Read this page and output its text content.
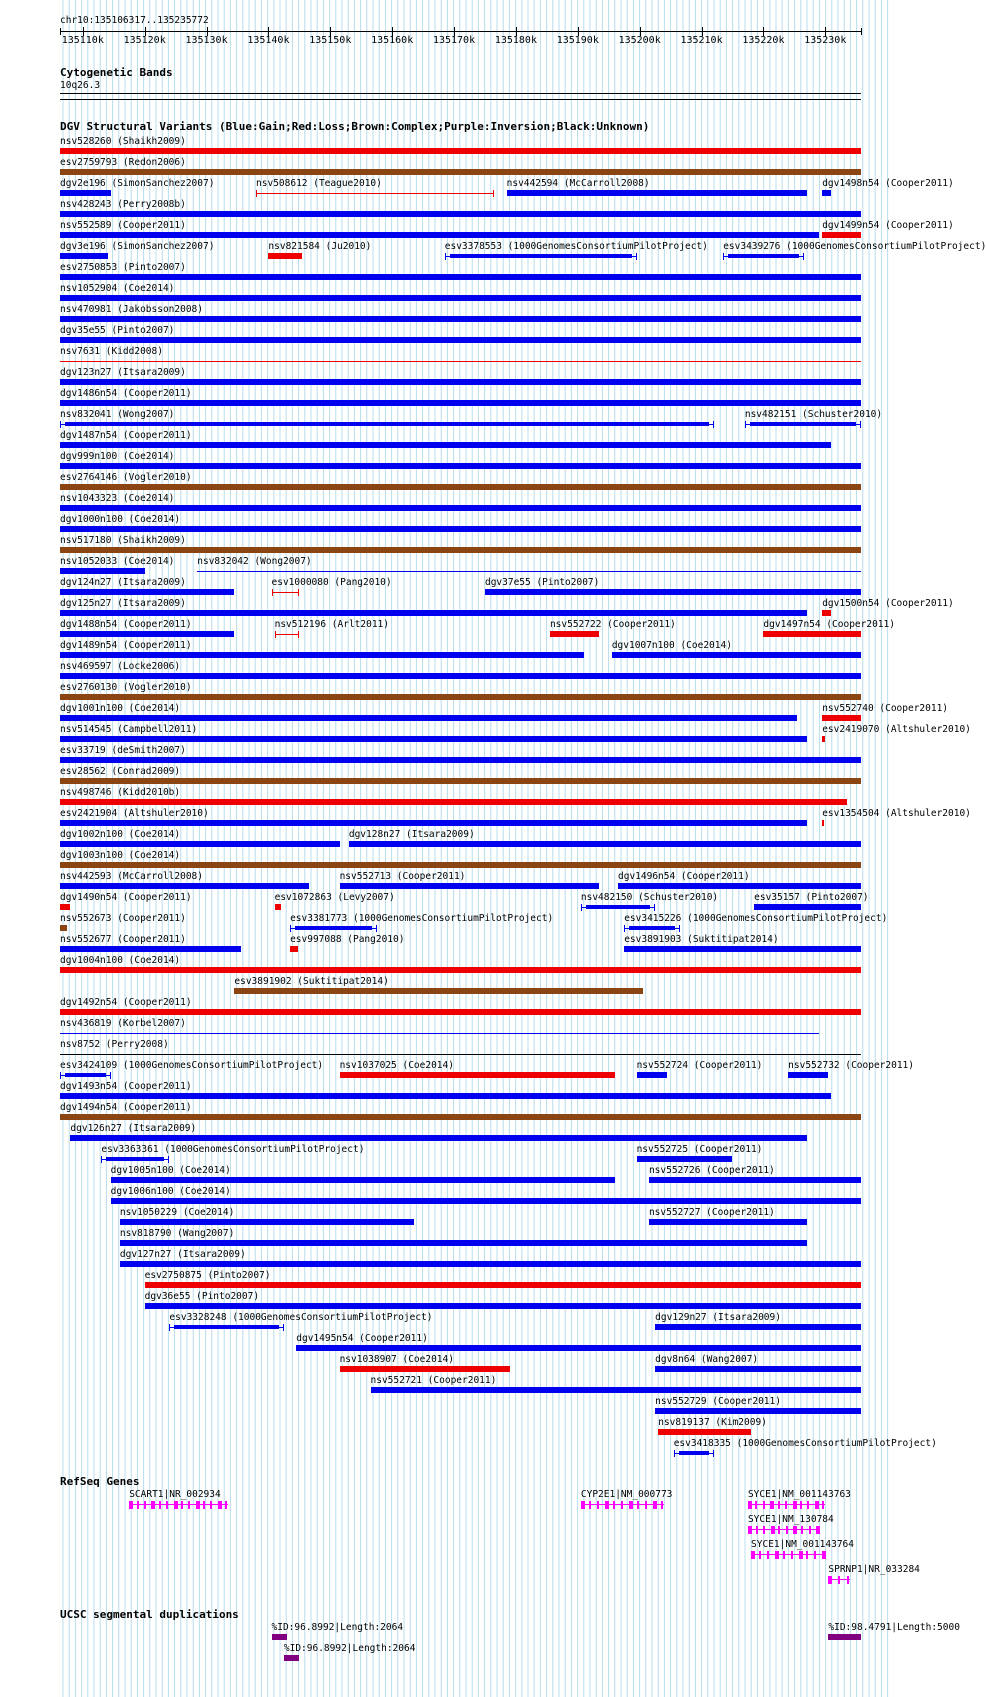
chr10:135106317..135235772
135110k 135120k 135130k 135140k 135150k 135160k 135170k 135180k 135190k 135200k 135210k 135220k 135230k
Cytogenetic Bands
10q26.3
DGV Structural Variants (Blue:Gain;Red:Loss;Brown:Complex;Purple:Inversion;Black:Unknown)
nsv528260 (Shaikh2009)
esv2759793 (Redon2006)
dgv2e196 (SimonSanchez2007)	nsv508612 (Teague2010)	nsv442594 (McCarroll2008)	dgv1498n54 (Cooper2011)
nsv428243 (Perry2008b)
nsv552589 (Cooper2011)	dgv1499n54 (Cooper2011)
dgv3e196 (SimonSanchez2007)	nsv821584 (Ju2010)	esv3378553 (1000GenomesConsortiumPilotProject) esv3439276 (1000GenomesConsortiumPilotProject)
esv2750853 (Pinto2007)
nsv1052904 (Coe2014)
nsv470981 (Jakobsson2008)
dgv35e55 (Pinto2007)
nsv7631 (Kidd2008)
dgv123n27 (Itsara2009)
dgv1486n54 (Cooper2011)
nsv832041 (Wong2007)	nsv482151 (Schuster2010)
dgv1487n54 (Cooper2011)
dgv999n100 (Coe2014)
esv2764146 (Vogler2010)
nsv1043323 (Coe2014)
dgv1000n100 (Coe2014)
nsv517180 (Shaikh2009)
nsv1052033 (Coe2014) nsv832042 (Wong2007)
dgv124n27 (Itsara2009)	esv1000080 (Pang2010)	dgv37e55 (Pinto2007)
dgv125n27 (Itsara2009)	dgv1500n54 (Cooper2011)
dgv1488n54 (Cooper2011)	nsv512196 (Arlt2011)	nsv552722 (Cooper2011)	dgv1497n54 (Cooper2011)
dgv1489n54 (Cooper2011)	dgv1007n100 (Coe2014)
nsv469597 (Locke2006)
esv2760130 (Vogler2010)
dgv1001n100 (Coe2014)	nsv552740 (Cooper2011)
nsv514545 (Campbell2011)	esv2419070 (Altshuler2010)
esv33719 (deSmith2007)
esv28562 (Conrad2009)
nsv498746 (Kidd2010b)
esv2421904 (Altshuler2010)	esv1354504 (Altshuler2010)
dgv1002n100 (Coe2014)	dgv128n27 (Itsara2009)
dgv1003n100 (Coe2014)
nsv442593 (McCarroll2008)	nsv552713 (Cooper2011)	dgv1496n54 (Cooper2011)
dgv1490n54 (Cooper2011)	esv1072863 (Levy2007)	nsv482150 (Schuster2010)	esv35157 (Pinto2007)
nsv552673 (Cooper2011)	esv3381773 (1000GenomesConsortiumPilotProject)	esv3415226 (1000GenomesConsortiumPilotProject)
nsv552677 (Cooper2011)	esv997088 (Pang2010)	esv3891903 (Suktitipat2014)
dgv1004n100 (Coe2014)
esv3891902 (Suktitipat2014)
dgv1492n54 (Cooper2011)
nsv436819 (Korbel2007)
nsv8752 (Perry2008)
esv3424109 (1000GenomesConsortiumPilotProject) nsv1037025 (Coe2014)	nsv552724 (Cooper2011)	nsv552732 (Cooper2011)
dgv1493n54 (Cooper2011)
dgv1494n54 (Cooper2011)
dgv126n27 (Itsara2009)
esv3363361 (1000GenomesConsortiumPilotProject)	nsv552725 (Cooper2011)
dgv1005n100 (Coe2014)	nsv552726 (Cooper2011)
dgv1006n100 (Coe2014)
nsv1050229 (Coe2014)	nsv552727 (Cooper2011)
nsv818790 (Wang2007)
dgv127n27 (Itsara2009)
esv2750875 (Pinto2007)
dgv36e55 (Pinto2007)
esv3328248 (1000GenomesConsortiumPilotProject)	dgv129n27 (Itsara2009)
dgv1495n54 (Cooper2011)
nsv1038907 (Coe2014)	dgv8n64 (Wang2007)
nsv552721 (Cooper2011)
nsv552729 (Cooper2011)
nsv819137 (Kim2009)
esv3418335 (1000GenomesConsortiumPilotProject)
RefSeq Genes
SCART1|NR_002934	CYP2E1|NM_000773	SYCE1|NM_001143763
SYCE1|NM_130784
SYCE1|NM_001143764
SPRNP1|NR_033284
UCSC segmental duplications
%ID:96.8992|Length:2064	%ID:98.4791|Length:5000
%ID:96.8992|Length:2064
